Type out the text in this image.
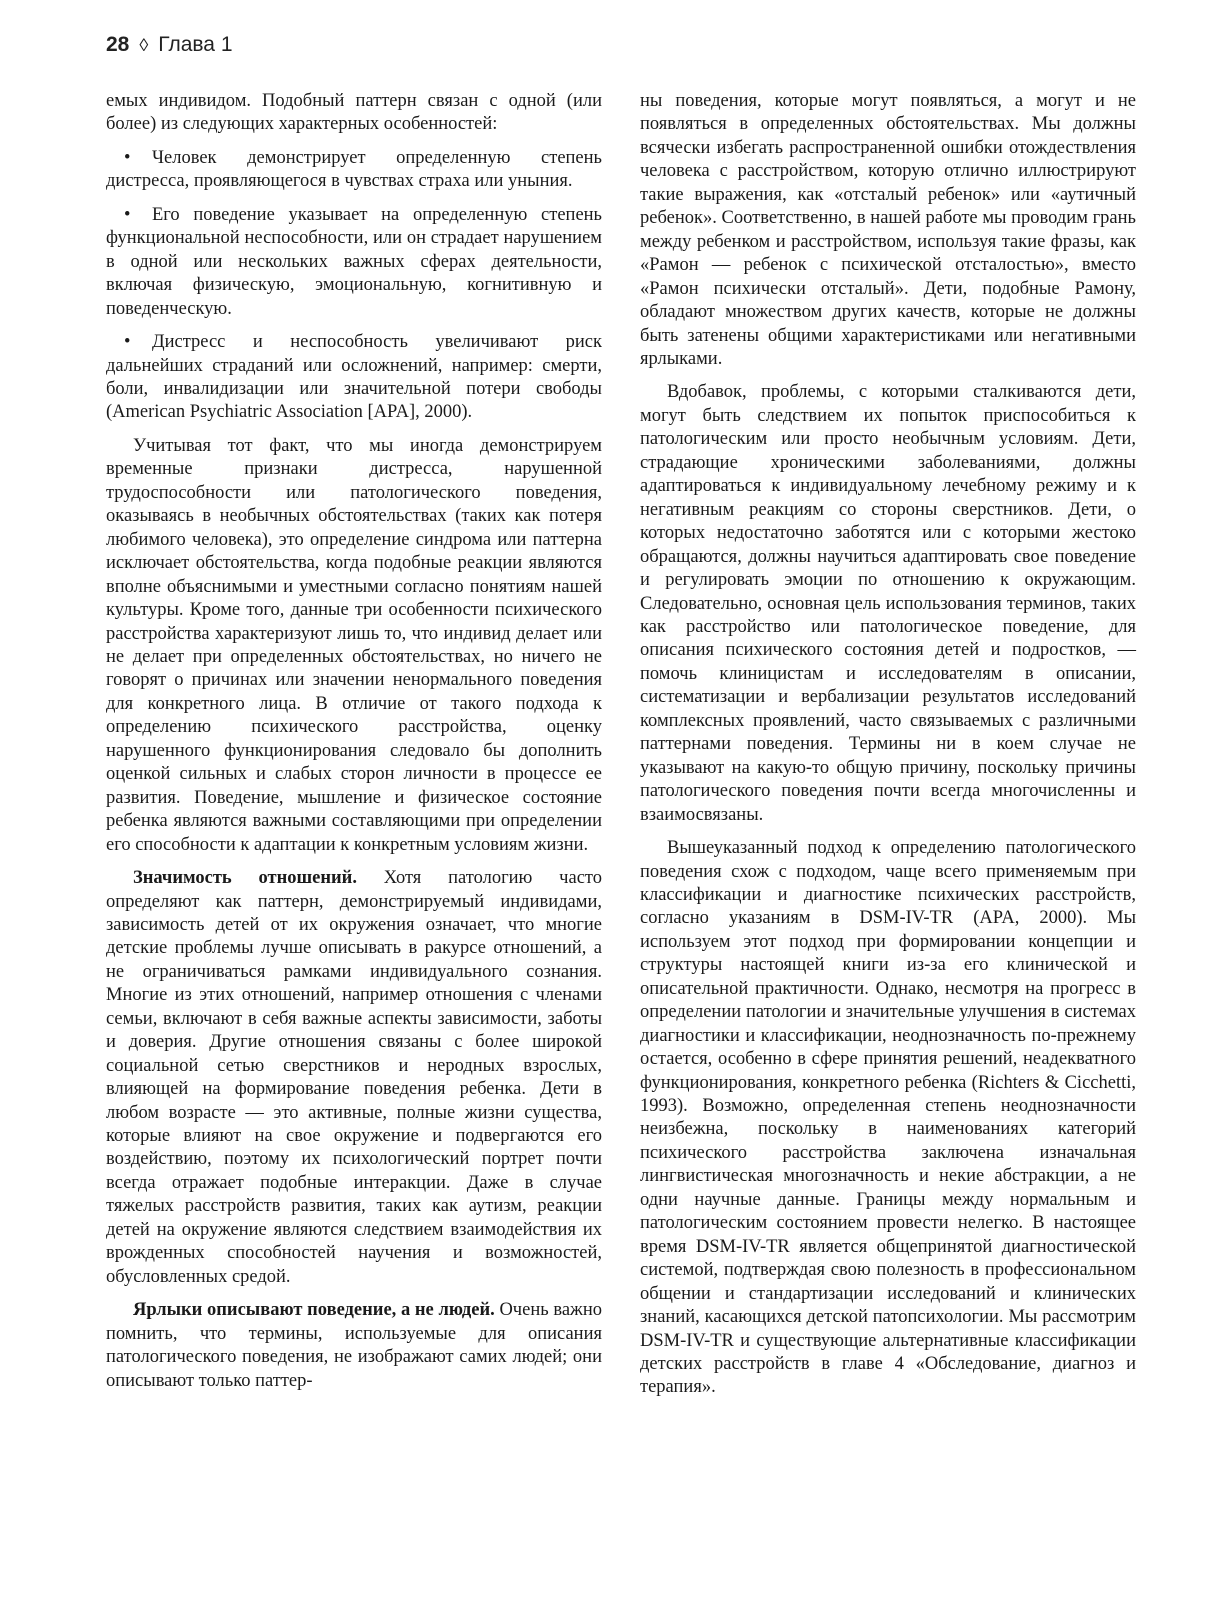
28 ◊ Глава 1

емых индивидом. Подобный паттерн связан с одной (или более) из следующих характерных особенностей:

• Человек демонстрирует определенную степень дистресса, проявляющегося в чувствах страха или уныния.

• Его поведение указывает на определенную степень функциональной неспособности, или он страдает нарушением в одной или нескольких важных сферах деятельности, включая физическую, эмоциональную, когнитивную и поведенческую.

• Дистресс и неспособность увеличивают риск дальнейших страданий или осложнений, например: смерти, боли, инвалидизации или значительной потери свободы (American Psychiatric Association [APA], 2000).

Учитывая тот факт, что мы иногда демонстрируем временные признаки дистресса, нарушенной трудоспособности или патологического поведения, оказываясь в необычных обстоятельствах (таких как потеря любимого человека), это определение синдрома или паттерна исключает обстоятельства, когда подобные реакции являются вполне объяснимыми и уместными согласно понятиям нашей культуры. Кроме того, данные три особенности психического расстройства характеризуют лишь то, что индивид делает или не делает при определенных обстоятельствах, но ничего не говорят о причинах или значении ненормального поведения для конкретного лица. В отличие от такого подхода к определению психического расстройства, оценку нарушенного функционирования следовало бы дополнить оценкой сильных и слабых сторон личности в процессе ее развития. Поведение, мышление и физическое состояние ребенка являются важными составляющими при определении его способности к адаптации к конкретным условиям жизни.

Значимость отношений. Хотя патологию часто определяют как паттерн, демонстрируемый индивидами, зависимость детей от их окружения означает, что многие детские проблемы лучше описывать в ракурсе отношений, а не ограничиваться рамками индивидуального сознания. Многие из этих отношений, например отношения с членами семьи, включают в себя важные аспекты зависимости, заботы и доверия. Другие отношения связаны с более широкой социальной сетью сверстников и неродных взрослых, влияющей на формирование поведения ребенка. Дети в любом возрасте — это активные, полные жизни существа, которые влияют на свое окружение и подвергаются его воздействию, поэтому их психологический портрет почти всегда отражает подобные интеракции. Даже в случае тяжелых расстройств развития, таких как аутизм, реакции детей на окружение являются следствием взаимодействия их врожденных способностей научения и возможностей, обусловленных средой.

Ярлыки описывают поведение, а не людей. Очень важно помнить, что термины, используемые для описания патологического поведения, не изображают самих людей; они описывают только паттер-

ны поведения, которые могут появляться, а могут и не появляться в определенных обстоятельствах. Мы должны всячески избегать распространенной ошибки отождествления человека с расстройством, которую отлично иллюстрируют такие выражения, как «отсталый ребенок» или «аутичный ребенок». Соответственно, в нашей работе мы проводим грань между ребенком и расстройством, используя такие фразы, как «Рамон — ребенок с психической отсталостью», вместо «Рамон психически отсталый». Дети, подобные Рамону, обладают множеством других качеств, которые не должны быть затенены общими характеристиками или негативными ярлыками.

Вдобавок, проблемы, с которыми сталкиваются дети, могут быть следствием их попыток приспособиться к патологическим или просто необычным условиям. Дети, страдающие хроническими заболеваниями, должны адаптироваться к индивидуальному лечебному режиму и к негативным реакциям со стороны сверстников. Дети, о которых недостаточно заботятся или с которыми жестоко обращаются, должны научиться адаптировать свое поведение и регулировать эмоции по отношению к окружающим. Следовательно, основная цель использования терминов, таких как расстройство или патологическое поведение, для описания психического состояния детей и подростков, — помочь клиницистам и исследователям в описании, систематизации и вербализации результатов исследований комплексных проявлений, часто связываемых с различными паттернами поведения. Термины ни в коем случае не указывают на какую-то общую причину, поскольку причины патологического поведения почти всегда многочисленны и взаимосвязаны.

Вышеуказанный подход к определению патологического поведения схож с подходом, чаще всего применяемым при классификации и диагностике психических расстройств, согласно указаниям в DSM-IV-TR (APA, 2000). Мы используем этот подход при формировании концепции и структуры настоящей книги из-за его клинической и описательной практичности. Однако, несмотря на прогресс в определении патологии и значительные улучшения в системах диагностики и классификации, неоднозначность по-прежнему остается, особенно в сфере принятия решений, неадекватного функционирования, конкретного ребенка (Richters & Cicchetti, 1993). Возможно, определенная степень неоднозначности неизбежна, поскольку в наименованиях категорий психического расстройства заключена изначальная лингвистическая многозначность и некие абстракции, а не одни научные данные. Границы между нормальным и патологическим состоянием провести нелегко. В настоящее время DSM-IV-TR является общепринятой диагностической системой, подтверждая свою полезность в профессиональном общении и стандартизации исследований и клинических знаний, касающихся детской патопсихологии. Мы рассмотрим DSM-IV-TR и существующие альтернативные классификации детских расстройств в главе 4 «Обследование, диагноз и терапия».
